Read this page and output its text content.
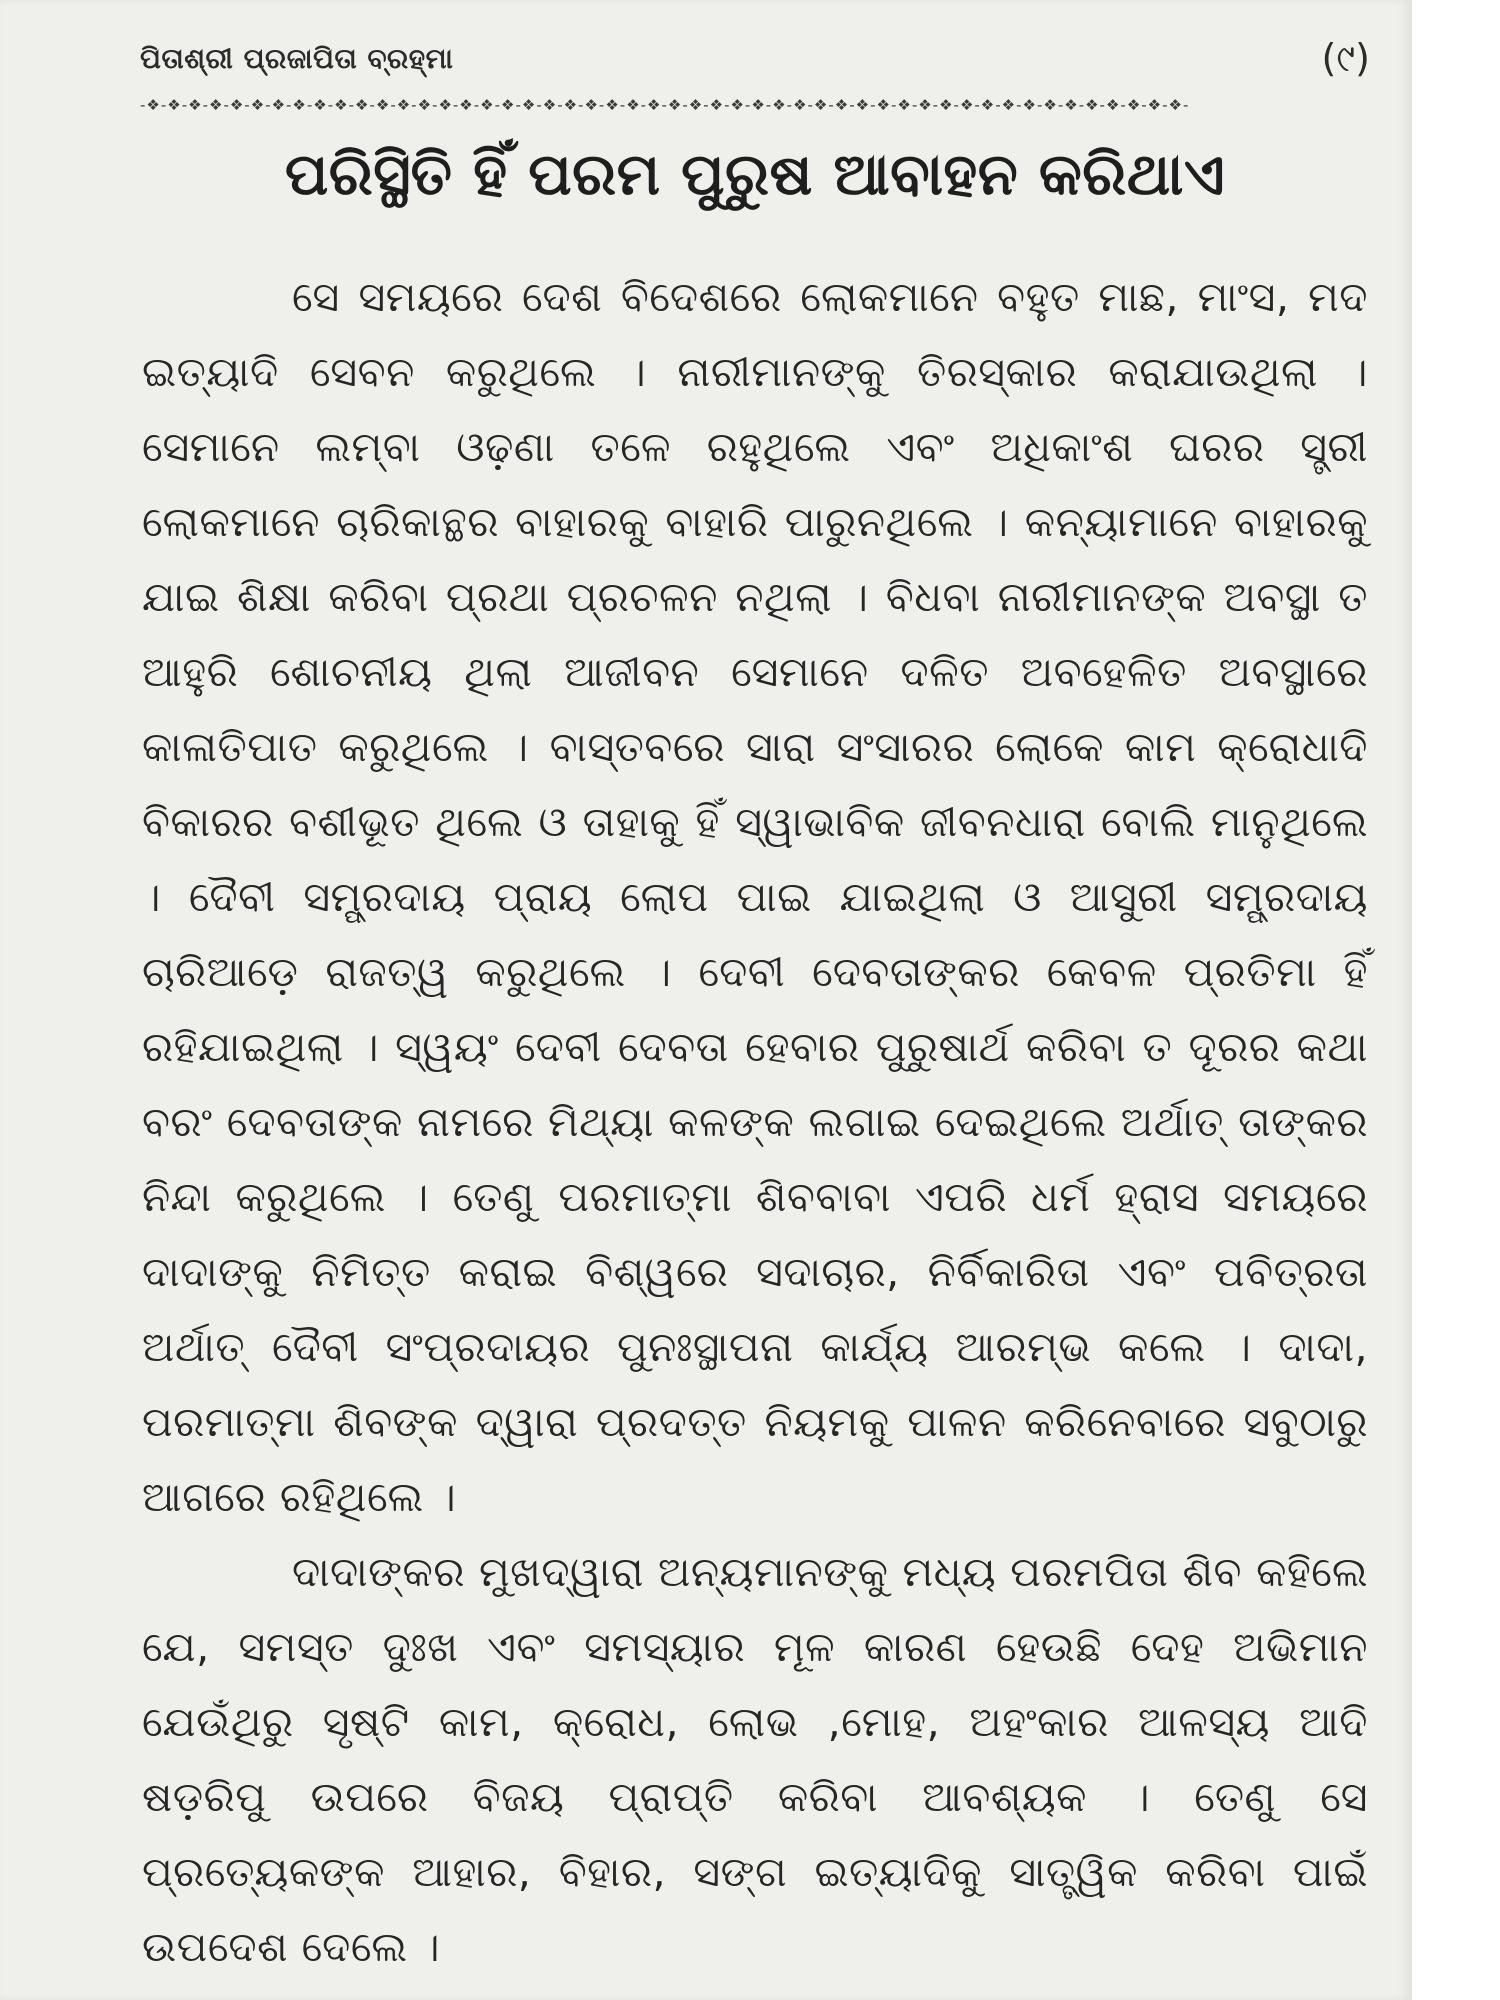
ପିତାଶ୍ରୀ ପ୍ରଜାପିତା ବ୍ରହ୍ମା	(୯)
-❖-❖-❖-❖-❖-❖-❖-❖-❖-❖-❖-❖-❖-❖-❖-❖-❖-❖-❖-❖-❖-❖-❖-❖-❖-❖-❖-❖-❖-❖-❖-❖-❖-❖-❖-❖-❖-❖-❖-❖-❖-❖-❖-❖-❖-❖-❖-❖-❖-❖-
ପରିସ୍ଥିତି ହିଁ ପରମ ପୁରୁଷ ଆବାହନ କରିଥାଏ

ସେ ସମୟରେ ଦେଶ ବିଦେଶରେ ଲୋକମାନେ ବହୁତ ମାଛ, ମାଂସ, ମଦ ଇତ୍ୟାଦି ସେବନ କରୁଥିଲେ । ନାରୀମାନଙ୍କୁ ତିରସ୍କାର କରାଯାଉଥିଲା । ସେମାନେ ଲମ୍ବା ଓଢ଼ଣା ତଳେ ରହୁଥିଲେ ଏବଂ ଅଧିକାଂଶ ଘରର ସ୍ତ୍ରୀ ଲୋକମାନେ ଚାରିକାନ୍ଥର ବାହାରକୁ ବାହାରି ପାରୁନଥିଲେ । କନ୍ୟାମାନେ ବାହାରକୁ ଯାଇ ଶିକ୍ଷା କରିବା ପ୍ରଥା ପ୍ରଚଳନ ନଥିଲା । ବିଧବା ନାରୀମାନଙ୍କ ଅବସ୍ଥା ତ ଆହୁରି ଶୋଚନୀୟ ଥିଲା ଆଜୀବନ ସେମାନେ ଦଳିତ ଅବହେଳିତ ଅବସ୍ଥାରେ କାଳାତିପାତ କରୁଥିଲେ । ବାସ୍ତବରେ ସାରା ସଂସାରର ଲୋକେ କାମ କ୍ରୋଧାଦି ବିକାରର ବଶୀଭୂତ ଥିଲେ ଓ ତାହାକୁ ହିଁ ସ୍ୱାଭାବିକ ଜୀବନଧାରା ବୋଲି ମାନୁଥିଲେ । ଦୈବୀ ସମ୍ପ୍ରଦାୟ ପ୍ରାୟ ଲୋପ ପାଇ ଯାଇଥିଲା ଓ ଆସୁରୀ ସମ୍ପ୍ରଦାୟ ଚାରିଆଡ଼େ ରାଜତ୍ୱ କରୁଥିଲେ । ଦେବୀ ଦେବତାଙ୍କର କେବଳ ପ୍ରତିମା ହିଁ ରହିଯାଇଥିଲା । ସ୍ୱୟଂ ଦେବୀ ଦେବତା ହେବାର ପୁରୁଷାର୍ଥ କରିବା ତ ଦୂରର କଥା ବରଂ ଦେବତାଙ୍କ ନାମରେ ମିଥ୍ୟା କଳଙ୍କ ଲଗାଇ ଦେଇଥିଲେ ଅର୍ଥାତ୍ ତାଙ୍କର ନିନ୍ଦା କରୁଥିଲେ । ତେଣୁ ପରମାତ୍ମା ଶିବବାବା ଏପରି ଧର୍ମ ହ୍ରାସ ସମୟରେ ଦାଦାଙ୍କୁ ନିମିତ୍ତ କରାଇ ବିଶ୍ୱରେ ସଦାଚାର, ନିର୍ବିକାରିତା ଏବଂ ପବିତ୍ରତା ଅର୍ଥାତ୍ ଦୈବୀ ସଂପ୍ରଦାୟର ପୁନଃସ୍ଥାପନା କାର୍ଯ୍ୟ ଆରମ୍ଭ କଲେ । ଦାଦା, ପରମାତ୍ମା ଶିବଙ୍କ ଦ୍ୱାରା ପ୍ରଦତ୍ତ ନିୟମକୁ ପାଳନ କରିନେବାରେ ସବୁଠାରୁ ଆଗରେ ରହିଥିଲେ ।

ଦାଦାଙ୍କର ମୁଖଦ୍ୱାରା ଅନ୍ୟମାନଙ୍କୁ ମଧ୍ୟ ପରମପିତା ଶିବ କହିଲେ ଯେ, ସମସ୍ତ ଦୁଃଖ ଏବଂ ସମସ୍ୟାର ମୂଳ କାରଣ ହେଉଛି ଦେହ ଅଭିମାନ ଯେଉଁଥିରୁ ସୃଷ୍ଟି କାମ, କ୍ରୋଧ, ଲୋଭ ,ମୋହ, ଅହଂକାର ଆଳସ୍ୟ ଆଦି ଷଡ଼ରିପୁ ଉପରେ ବିଜୟ ପ୍ରାପ୍ତି କରିବା ଆବଶ୍ୟକ । ତେଣୁ ସେ ପ୍ରତ୍ୟେକଙ୍କ ଆହାର, ବିହାର, ସଙ୍ଗ ଇତ୍ୟାଦିକୁ ସାତ୍ତ୍ୱିକ କରିବା ପାଇଁ ଉପଦେଶ ଦେଲେ ।
